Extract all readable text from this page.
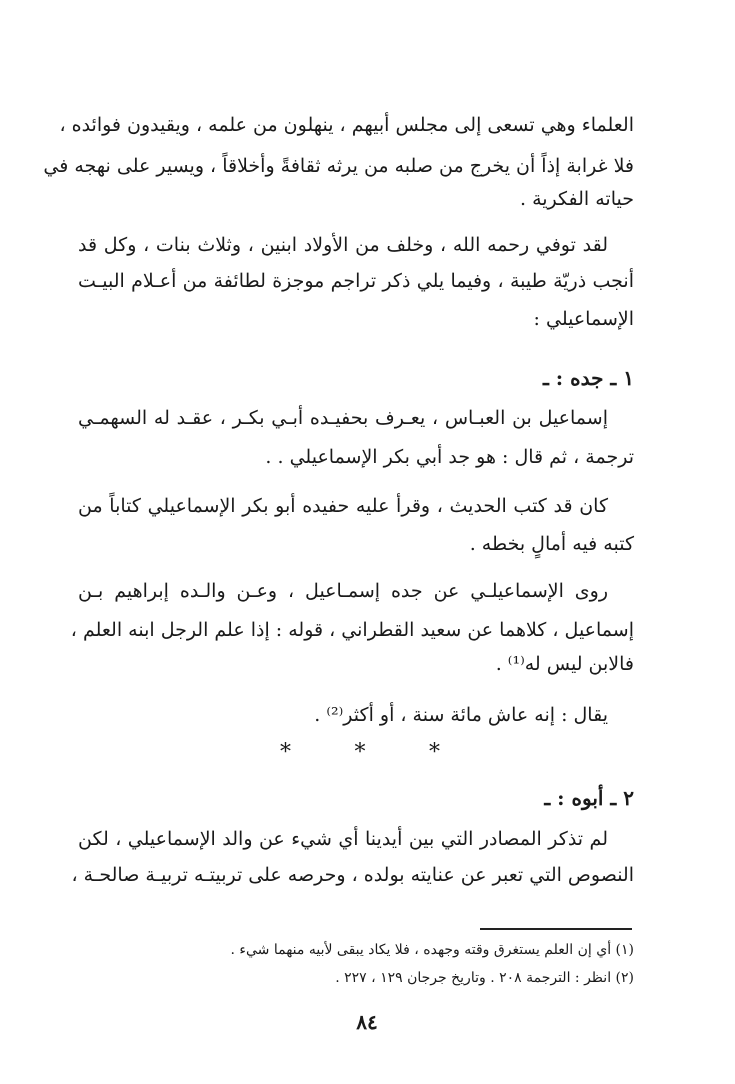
العلماء وهي تسعى إلى مجلس أبيهم ، ينهلون من علمه ، ويقيدون فوائده ،
فلا غرابة إذاً أن يخرج من صلبه من يرثه ثقافةً وأخلاقاً ، ويسير على نهجه في
حياته الفكرية .
لقد توفي رحمه الله ، وخلف من الأولاد ابنين ، وثلاث بنات ، وكل قد
أنجب ذريّة طيبة ، وفيما يلي ذكر تراجم موجزة لطائفة من أعـلام البيـت
الإسماعيلي :
١ ـ جده : ـ
إسماعيل بن العبـاس ، يعـرف بحفيـده أبـي بكـر ، عقـد له السهمـي
ترجمة ، ثم قال : هو جد أبي بكر الإسماعيلي . .
كان قد كتب الحديث ، وقرأ عليه حفيده أبو بكر الإسماعيلي كتاباً من
كتبه فيه أمالٍ بخطه .
روى الإسماعيلـي عن جده إسمـاعيل ، وعـن والـده إبراهيم بـن
إسماعيل ، كلاهما عن سعيد القطراني ، قوله : إذا علم الرجل ابنه العلم ،
فالابن ليس له⁽¹⁾ .
يقال : إنه عاش مائة سنة ، أو أكثر⁽²⁾ .
*	*	*
٢ ـ أبوه : ـ
لم تذكر المصادر التي بين أيدينا أي شيء عن والد الإسماعيلي ، لكن
النصوص التي تعبر عن عنايته بولده ، وحرصه على تربيتـه تربيـة صالحـة ،
(١) أي إن العلم يستغرق وقته وجهده ، فلا يكاد يبقى لأبيه منهما شيء .
(٢) انظر : الترجمة ٢٠٨ . وتاريخ جرجان ١٢٩ ، ٢٢٧ .
٨٤
